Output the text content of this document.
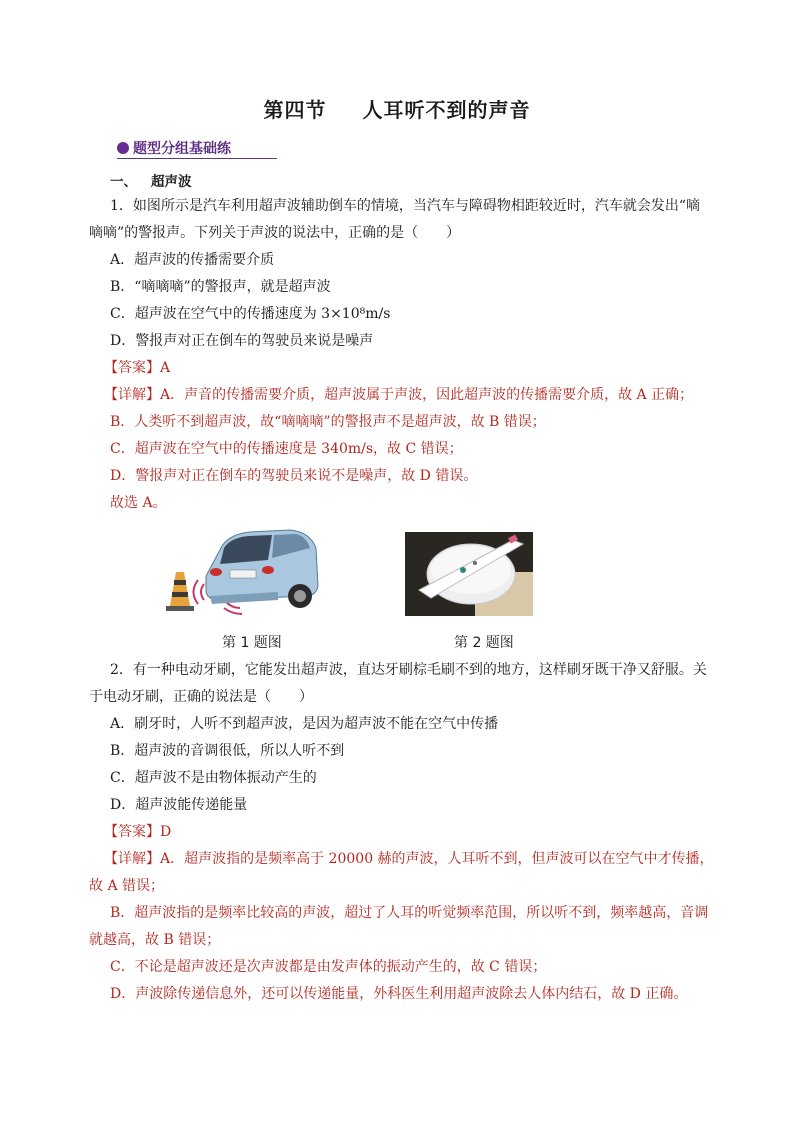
第四节 人耳听不到的声音
题型分组基础练
一、 超声波
1．如图所示是汽车利用超声波辅助倒车的情境，当汽车与障碍物相距较近时，汽车就会发出“嘀
嘀嘀”的警报声。下列关于声波的说法中，正确的是（　　）
A．超声波的传播需要介质
B．“嘀嘀嘀”的警报声，就是超声波
C．超声波在空气中的传播速度为 3×10⁸m/s
D．警报声对正在倒车的驾驶员来说是噪声
【答案】A
【详解】A．声音的传播需要介质，超声波属于声波，因此超声波的传播需要介质，故 A 正确；
B．人类听不到超声波，故“嘀嘀嘀”的警报声不是超声波，故 B 错误；
C．超声波在空气中的传播速度是 340m/s，故 C 错误；
D．警报声对正在倒车的驾驶员来说不是噪声，故 D 错误。
故选 A。
第 1 题图	第 2 题图
2．有一种电动牙刷，它能发出超声波，直达牙刷棕毛刷不到的地方，这样刷牙既干净又舒服。关
于电动牙刷，正确的说法是（　　）
A．刷牙时，人听不到超声波，是因为超声波不能在空气中传播
B．超声波的音调很低，所以人听不到
C．超声波不是由物体振动产生的
D．超声波能传递能量
【答案】D
【详解】A．超声波指的是频率高于 20000 赫的声波，人耳听不到，但声波可以在空气中才传播，
故 A 错误；
B．超声波指的是频率比较高的声波，超过了人耳的听觉频率范围，所以听不到，频率越高，音调
就越高，故 B 错误；
C．不论是超声波还是次声波都是由发声体的振动产生的，故 C 错误；
D．声波除传递信息外，还可以传递能量，外科医生利用超声波除去人体内结石，故 D 正确。
